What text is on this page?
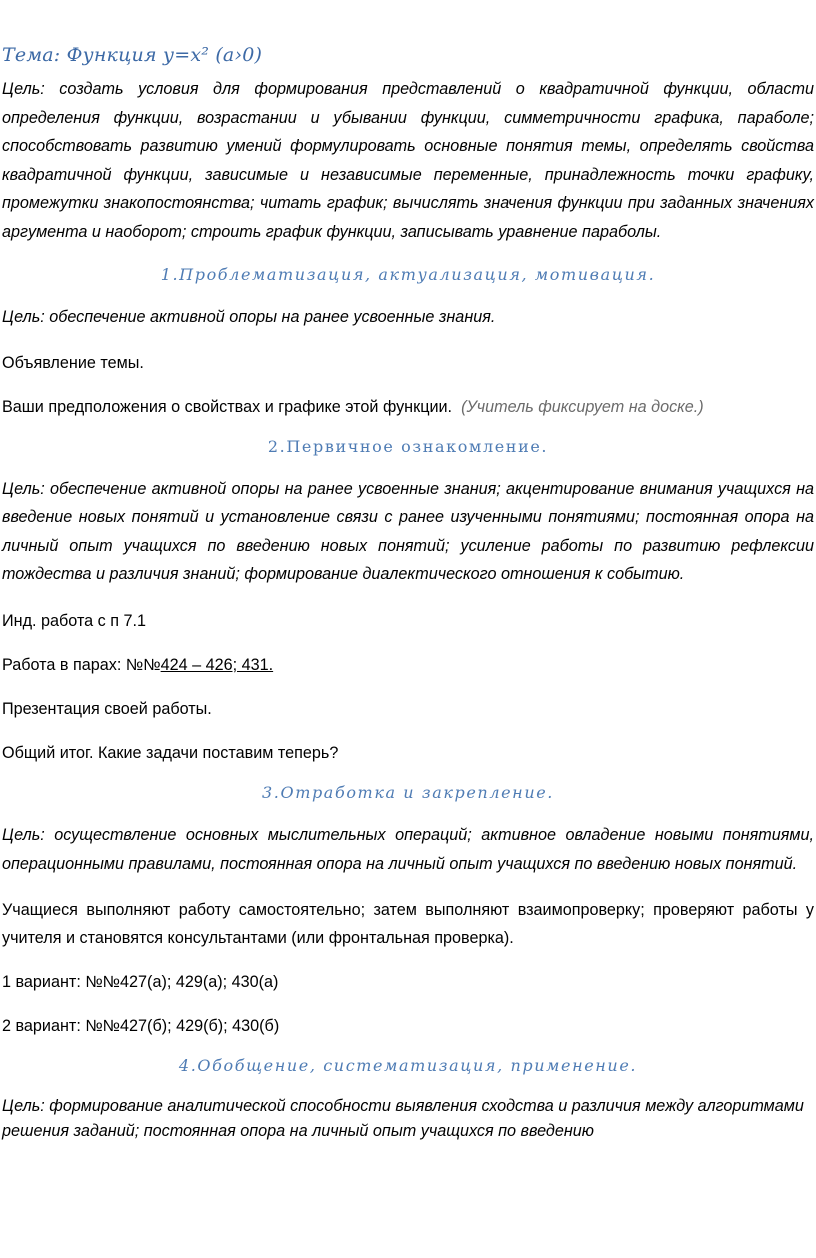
Тема: Функция у=х² (а›0)

Цель: создать условия для формирования представлений о квадратичной функции, области определения функции, возрастании и убывании функции, симметричности графика, параболе; способствовать развитию умений формулировать основные понятия темы, определять свойства квадратичной функции, зависимые и независимые переменные, принадлежность точки графику, промежутки знакопостоянства; читать график; вычислять значения функции при заданных значениях аргумента и наоборот; строить график функции, записывать уравнение параболы.

1.Проблематизация, актуализация, мотивация.

Цель: обеспечение активной опоры на ранее усвоенные знания.

Объявление темы.

Ваши предположения о свойствах и графике этой функции. (Учитель фиксирует на доске.)

2.Первичное ознакомление.

Цель: обеспечение активной опоры на ранее усвоенные знания; акцентирование внимания учащихся на введение новых понятий и установление связи с ранее изученными понятиями; постоянная опора на личный опыт учащихся по введению новых понятий; усиление работы по развитию рефлексии тождества и различия знаний; формирование диалектического отношения к событию.

Инд. работа с п 7.1

Работа в парах: №№424 – 426; 431.

Презентация своей работы.

Общий итог. Какие задачи поставим теперь?

3.Отработка и закрепление.

Цель: осуществление основных мыслительных операций; активное овладение новыми понятиями, операционными правилами, постоянная опора на личный опыт учащихся по введению новых понятий.

Учащиеся выполняют работу самостоятельно; затем выполняют взаимопроверку; проверяют работы у учителя и становятся консультантами (или фронтальная проверка).

1 вариант: №№427(а); 429(а); 430(а)

2 вариант: №№427(б); 429(б); 430(б)

4.Обобщение, систематизация, применение.

Цель: формирование аналитической способности выявления сходства и различия между алгоритмами решения заданий; постоянная опора на личный опыт учащихся по введению
